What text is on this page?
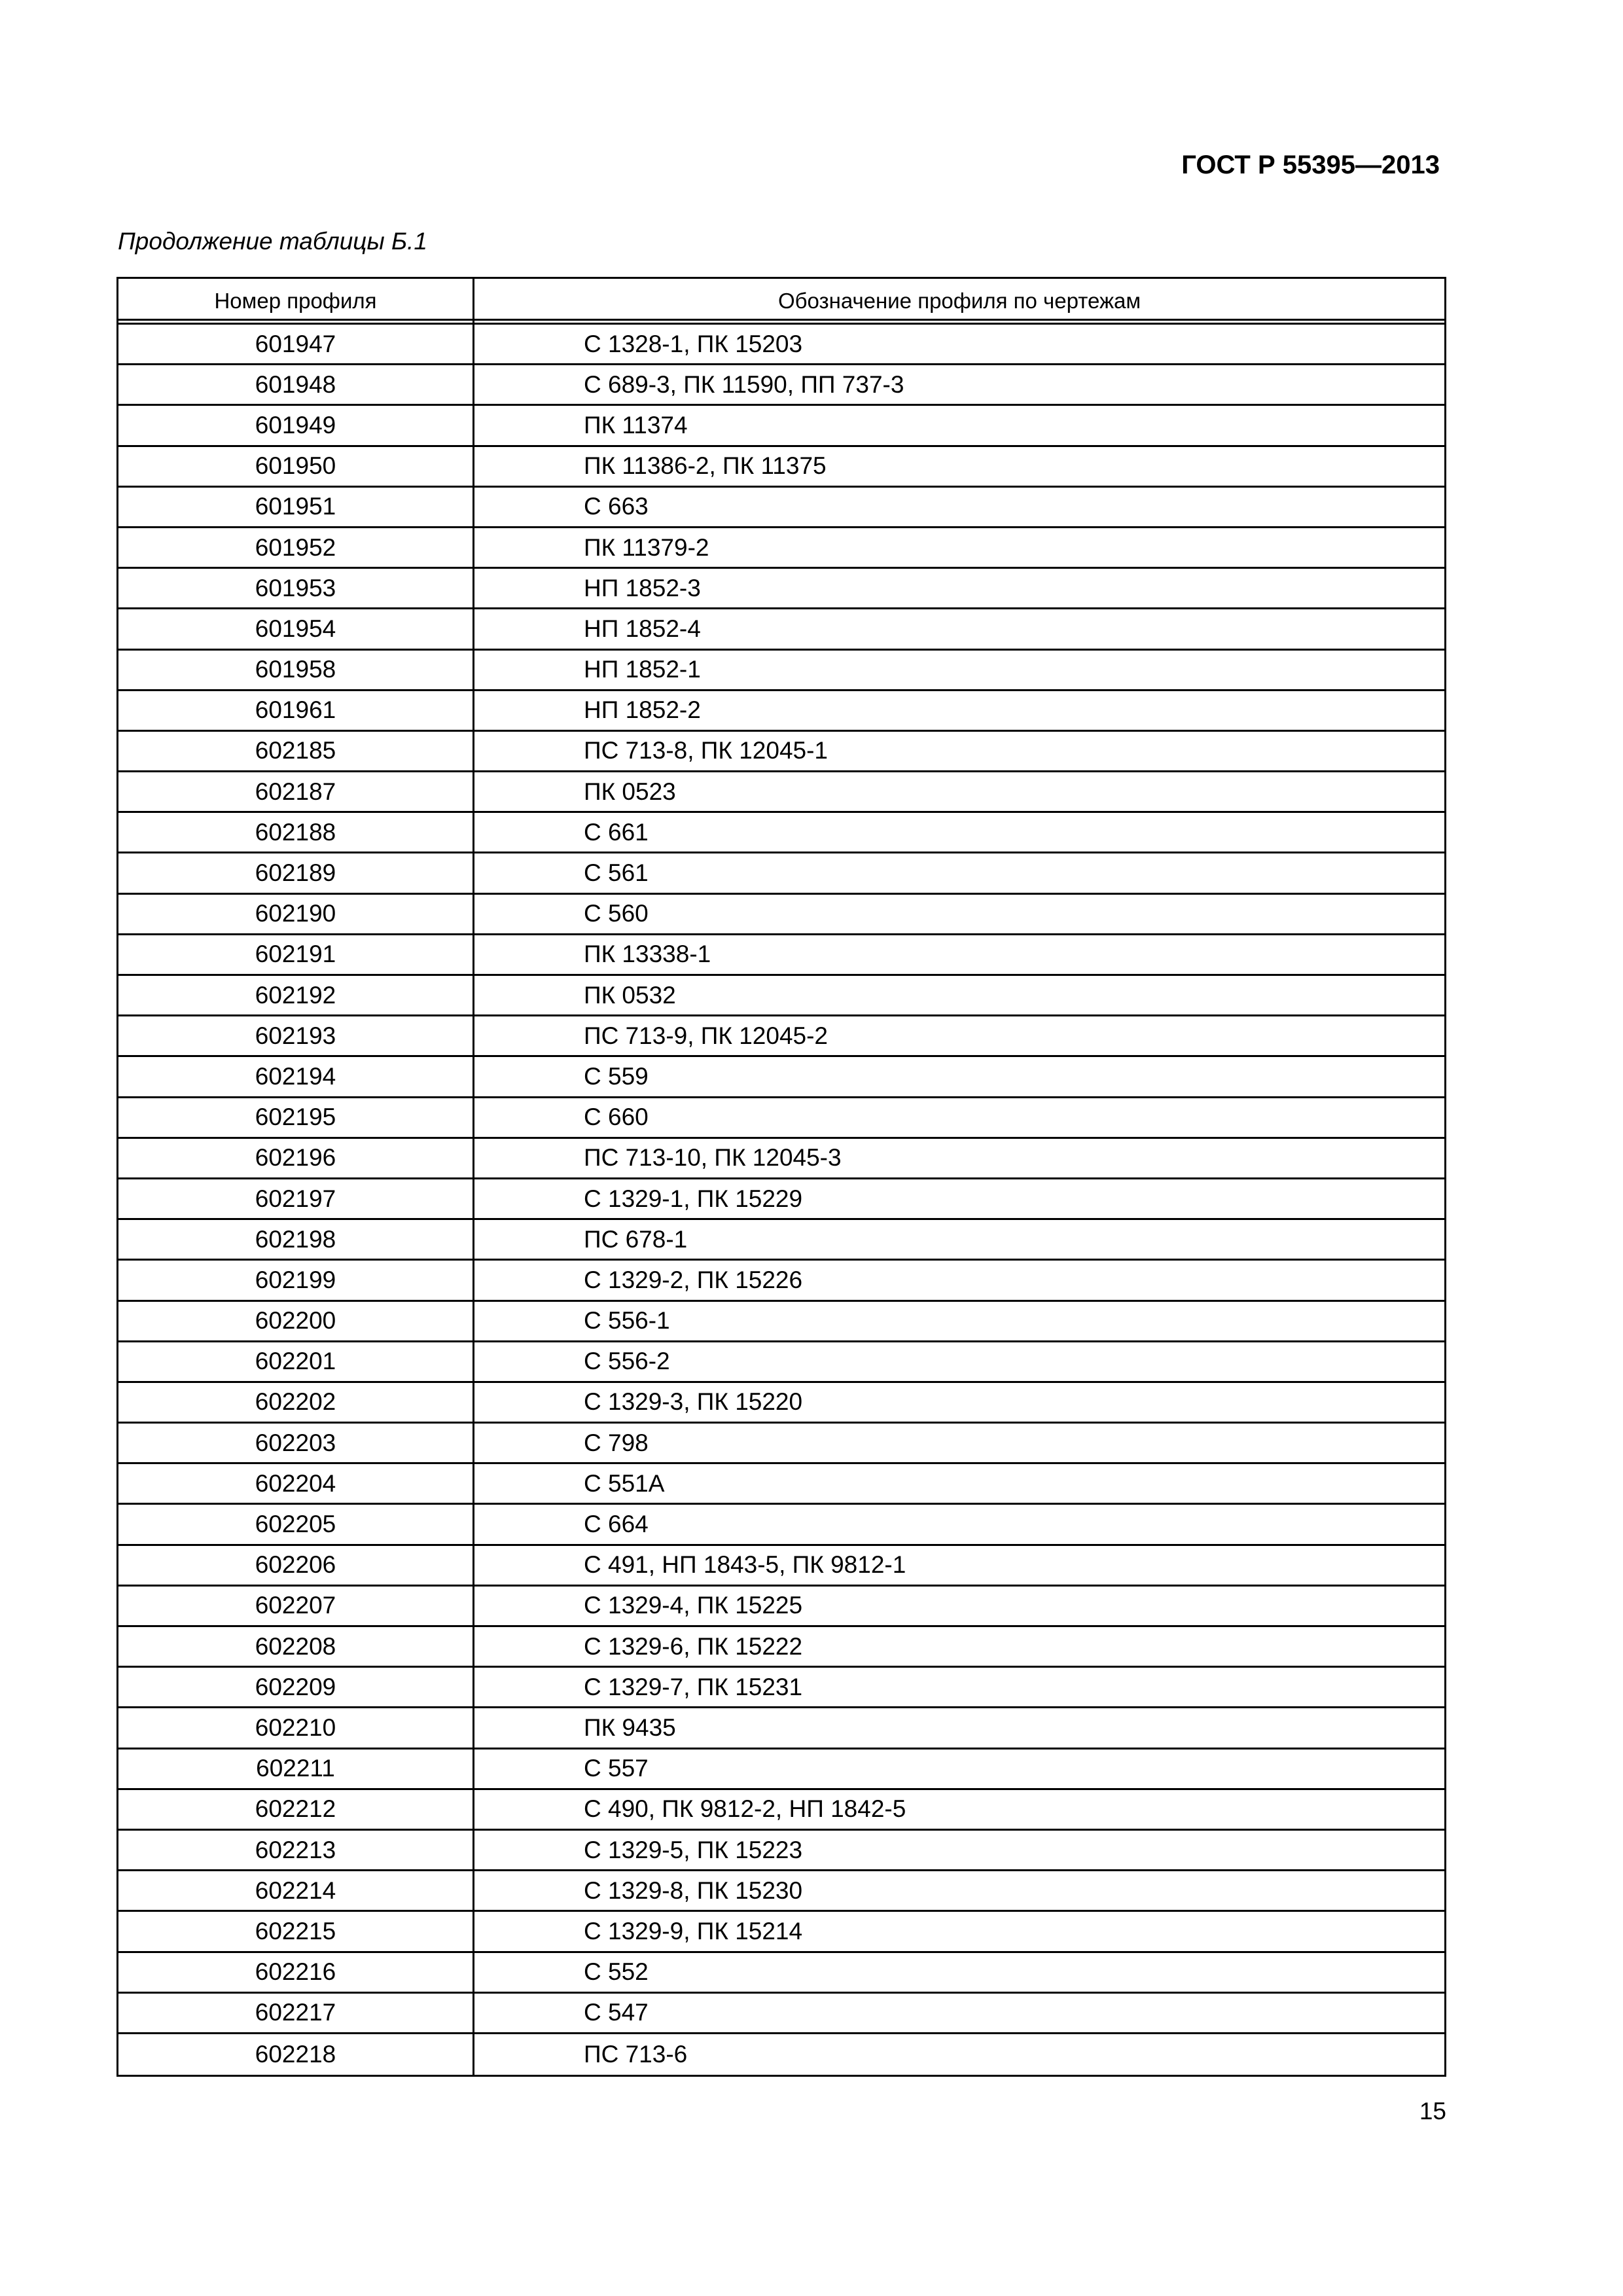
ГОСТ Р 55395—2013
Продолжение таблицы Б.1
Номер профиля	Обозначение профиля по чертежам
601947	С 1328-1, ПК 15203
601948	С 689-3, ПК 11590, ПП 737-3
601949	ПК 11374
601950	ПК 11386-2, ПК 11375
601951	С 663
601952	ПК 11379-2
601953	НП 1852-3
601954	НП 1852-4
601958	НП 1852-1
601961	НП 1852-2
602185	ПС 713-8, ПК 12045-1
602187	ПК 0523
602188	С 661
602189	С 561
602190	С 560
602191	ПК 13338-1
602192	ПК 0532
602193	ПС 713-9, ПК 12045-2
602194	С 559
602195	С 660
602196	ПС 713-10, ПК 12045-3
602197	С 1329-1, ПК 15229
602198	ПС 678-1
602199	С 1329-2, ПК 15226
602200	С 556-1
602201	С 556-2
602202	С 1329-3, ПК 15220
602203	С 798
602204	С 551А
602205	С 664
602206	С 491, НП 1843-5, ПК 9812-1
602207	С 1329-4, ПК 15225
602208	С 1329-6, ПК 15222
602209	С 1329-7, ПК 15231
602210	ПК 9435
602211	С 557
602212	С 490, ПК 9812-2, НП 1842-5
602213	С 1329-5, ПК 15223
602214	С 1329-8, ПК 15230
602215	С 1329-9, ПК 15214
602216	С 552
602217	С 547
602218	ПС 713-6
15
